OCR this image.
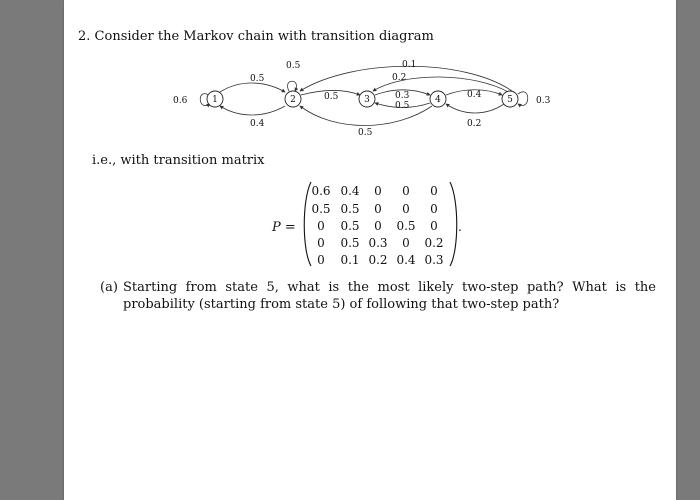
2. Consider the Markov chain with transition diagram
0.6
0.5
0.4
0.5
0.5	0.3
0.5
0.5
0.4
0.2
0.1
0.2
0.3
1	2	3	4	5
i.e., with transition matrix
P =	.
0.6 0.4 0 0 0
0.5 0.5 0 0 0
0 0.5 0 0.5 0
0 0.5 0.3 0 0.2
0 0.1 0.2 0.4 0.3
(a) Starting from state 5, what is the most likely two-step path? What is the probability (starting from state 5) of following that two-step path?
